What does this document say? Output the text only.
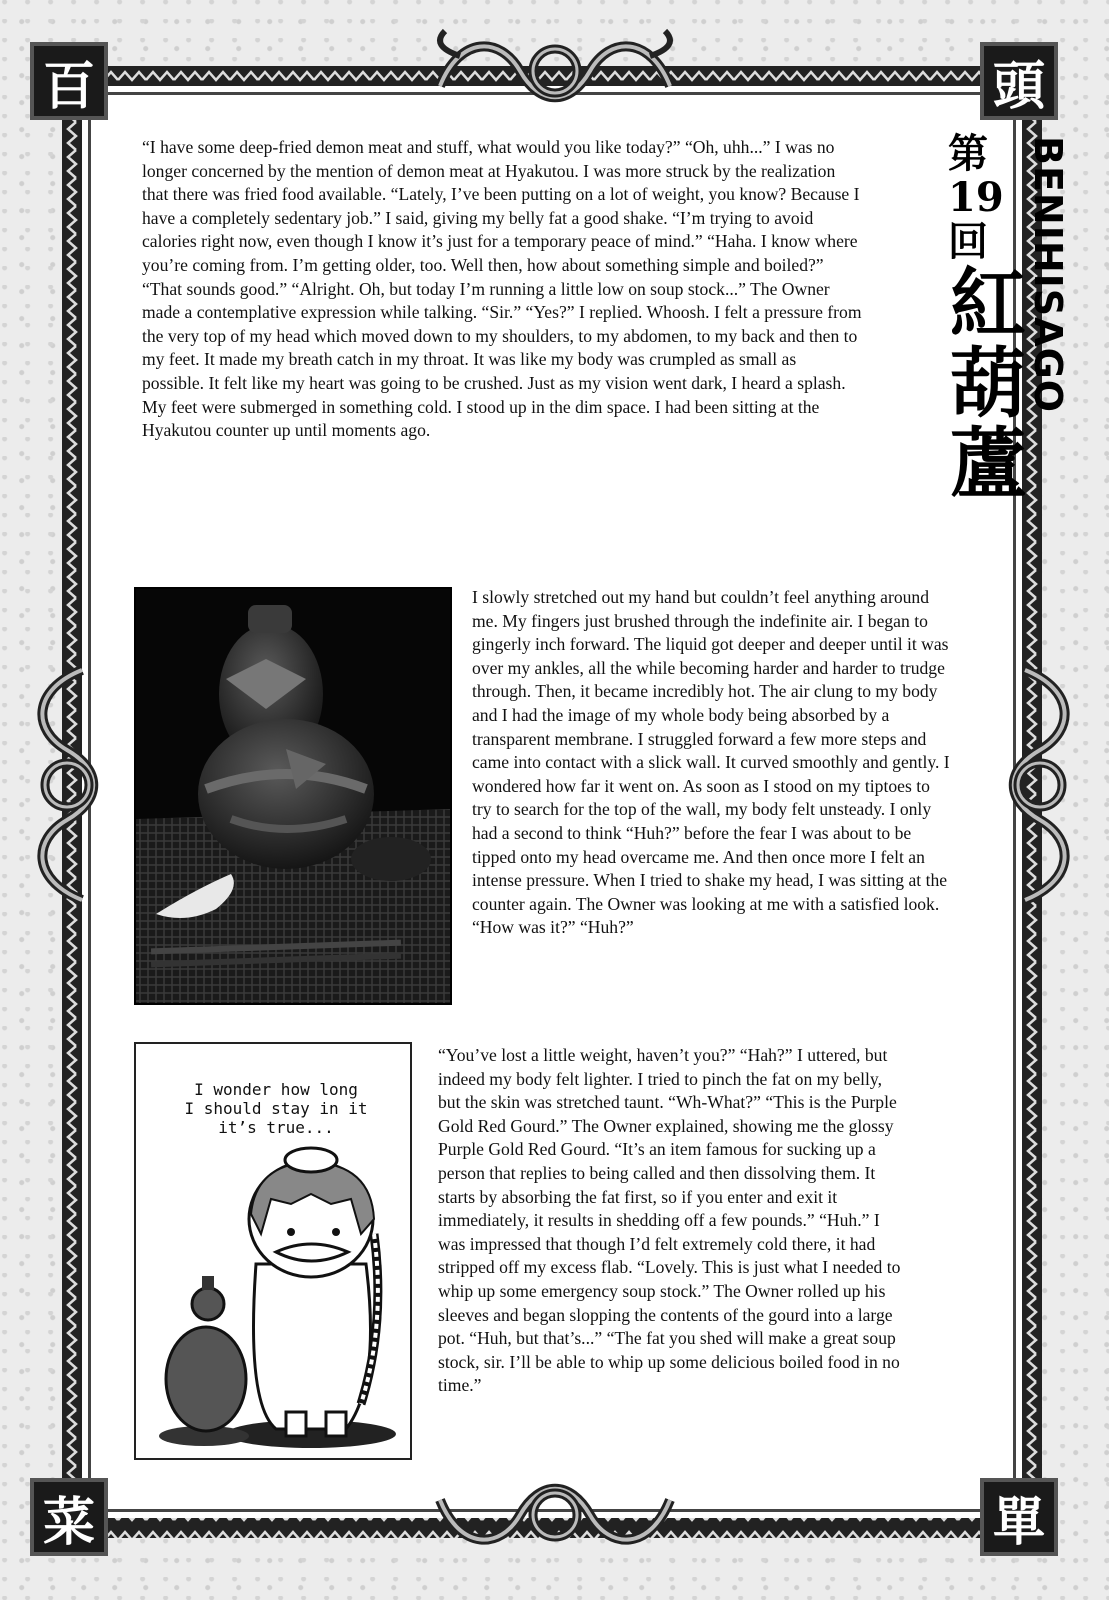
百	頭
菜	單

“I have some deep-fried demon meat and stuff, what would you like today?” “Oh, uhh...” I was no longer concerned by the mention of demon meat at Hyakutou. I was more struck by the realization that there was fried food available. “Lately, I’ve been putting on a lot of weight, you know? Because I have a completely sedentary job.” I said, giving my belly fat a good shake. “I’m trying to avoid calories right now, even though I know it’s just for a temporary peace of mind.” “Haha. I know where you’re coming from. I’m getting older, too. Well then, how about something simple and boiled?” “That sounds good.” “Alright. Oh, but today I’m running a little low on soup stock...” The Owner made a contemplative expression while talking. “Sir.” “Yes?” I replied. Whoosh. I felt a pressure from the very top of my head which moved down to my shoulders, to my abdomen, to my back and then to my feet. It made my breath catch in my throat. It was like my body was crumpled as small as possible. It felt like my heart was going to be crushed. Just as my vision went dark, I heard a splash. My feet were submerged in something cold. I stood up in the dim space. I had been sitting at the Hyakutou counter up until moments ago.

第19回
紅
葫
蘆
BENIHISAGO

I slowly stretched out my hand but couldn’t feel anything around me. My fingers just brushed through the indefinite air. I began to gingerly inch forward. The liquid got deeper and deeper until it was over my ankles, all the while becoming harder and harder to trudge through. Then, it became incredibly hot. The air clung to my body and I had the image of my whole body being absorbed by a transparent membrane. I struggled forward a few more steps and came into contact with a slick wall. It curved smoothly and gently. I wondered how far it went on. As soon as I stood on my tiptoes to try to search for the top of the wall, my body felt unsteady. I only had a second to think “Huh?” before the fear I was about to be tipped onto my head overcame me. And then once more I felt an intense pressure. When I tried to shake my head, I was sitting at the counter again. The Owner was looking at me with a satisfied look. “How was it?” “Huh?”

I wonder how long
I should stay in it
it’s true...

“You’ve lost a little weight, haven’t you?” “Hah?” I uttered, but indeed my body felt lighter. I tried to pinch the fat on my belly, but the skin was stretched taunt. “Wh-What?” “This is the Purple Gold Red Gourd.” The Owner explained, showing me the glossy Purple Gold Red Gourd. “It’s an item famous for sucking up a person that replies to being called and then dissolving them. It starts by absorbing the fat first, so if you enter and exit it immediately, it results in shedding off a few pounds.” “Huh.” I was impressed that though I’d felt extremely cold there, it had stripped off my excess flab. “Lovely. This is just what I needed to whip up some emergency soup stock.” The Owner rolled up his sleeves and began slopping the contents of the gourd into a large pot. “Huh, but that’s...” “The fat you shed will make a great soup stock, sir. I’ll be able to whip up some delicious boiled food in no time.”
